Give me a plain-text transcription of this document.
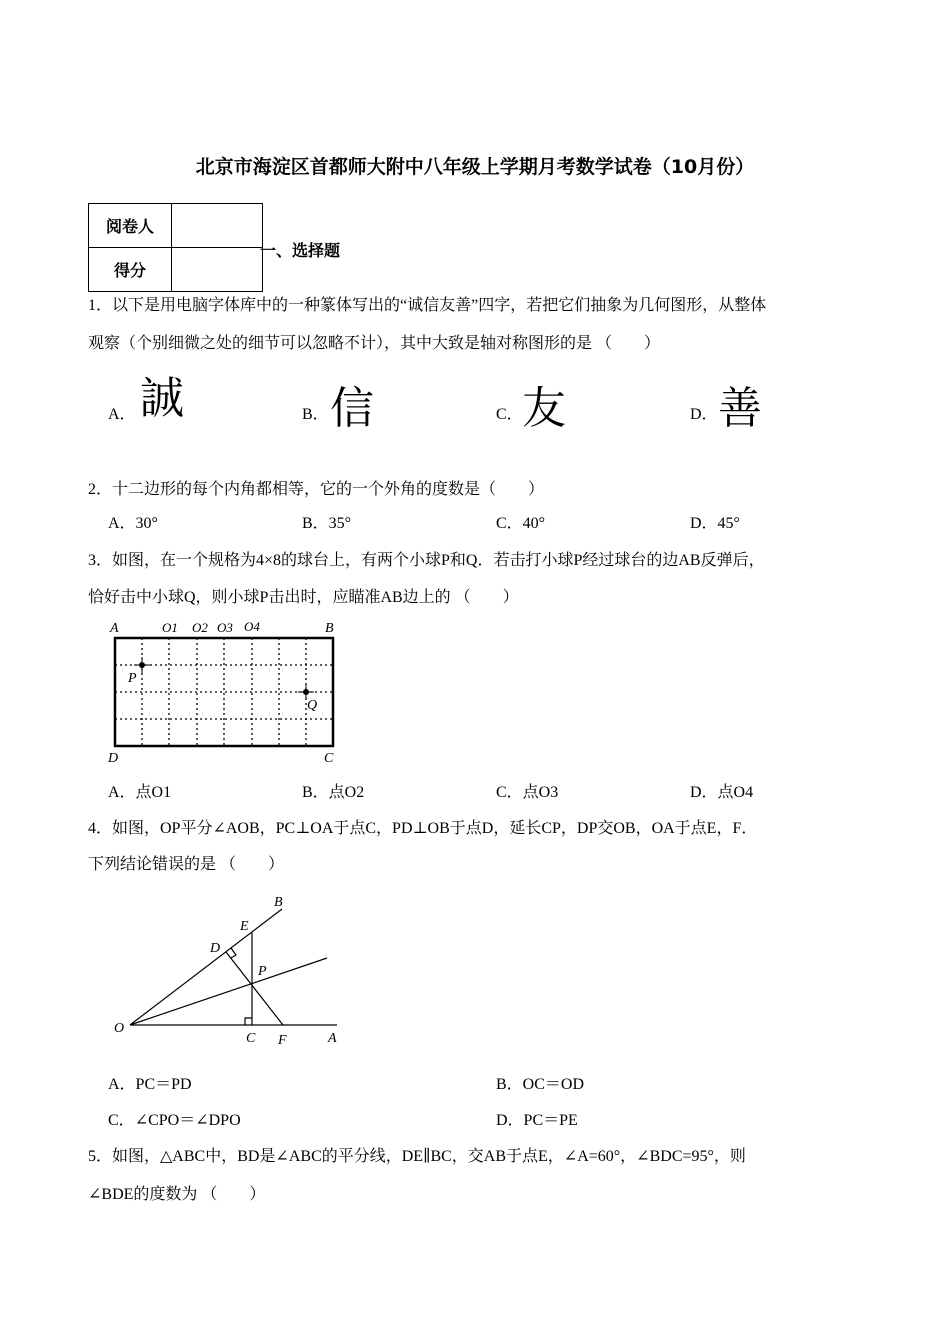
北京市海淀区首都师大附中八年级上学期月考数学试卷（10月份）
阅卷人	
得分	
一、选择题
1．以下是用电脑字体库中的一种篆体写出的“诚信友善”四字，若把它们抽象为几何图形，从整体
观察（个别细微之处的细节可以忽略不计），其中大致是轴对称图形的是 （　　）
A． 誠	B． 信	C． 友	D． 善
2．十二边形的每个内角都相等，它的一个外角的度数是（　　）
A．30°	B．35°	C．40°	D．45°
3．如图，在一个规格为4×8的球台上，有两个小球P和Q．若击打小球P经过球台的边AB反弹后，
恰好击中小球Q，则小球P击出时，应瞄准AB边上的 （　　）
A	B
D	C
O1 O2 O3 O4
P
Q
A．点O1	B．点O2	C．点O3	D．点O4
4．如图，OP平分∠AOB，PC⊥OA于点C，PD⊥OB于点D，延长CP，DP交OB，OA于点E，F．
下列结论错误的是 （　　）
O
A
B
C F
E
D
P
A．PC＝PD	B．OC＝OD
C．∠CPO＝∠DPO	D．PC＝PE
5．如图，△ABC中，BD是∠ABC的平分线，DE∥BC，交AB于点E，∠A=60°，∠BDC=95°，则
∠BDE的度数为 （　　）
